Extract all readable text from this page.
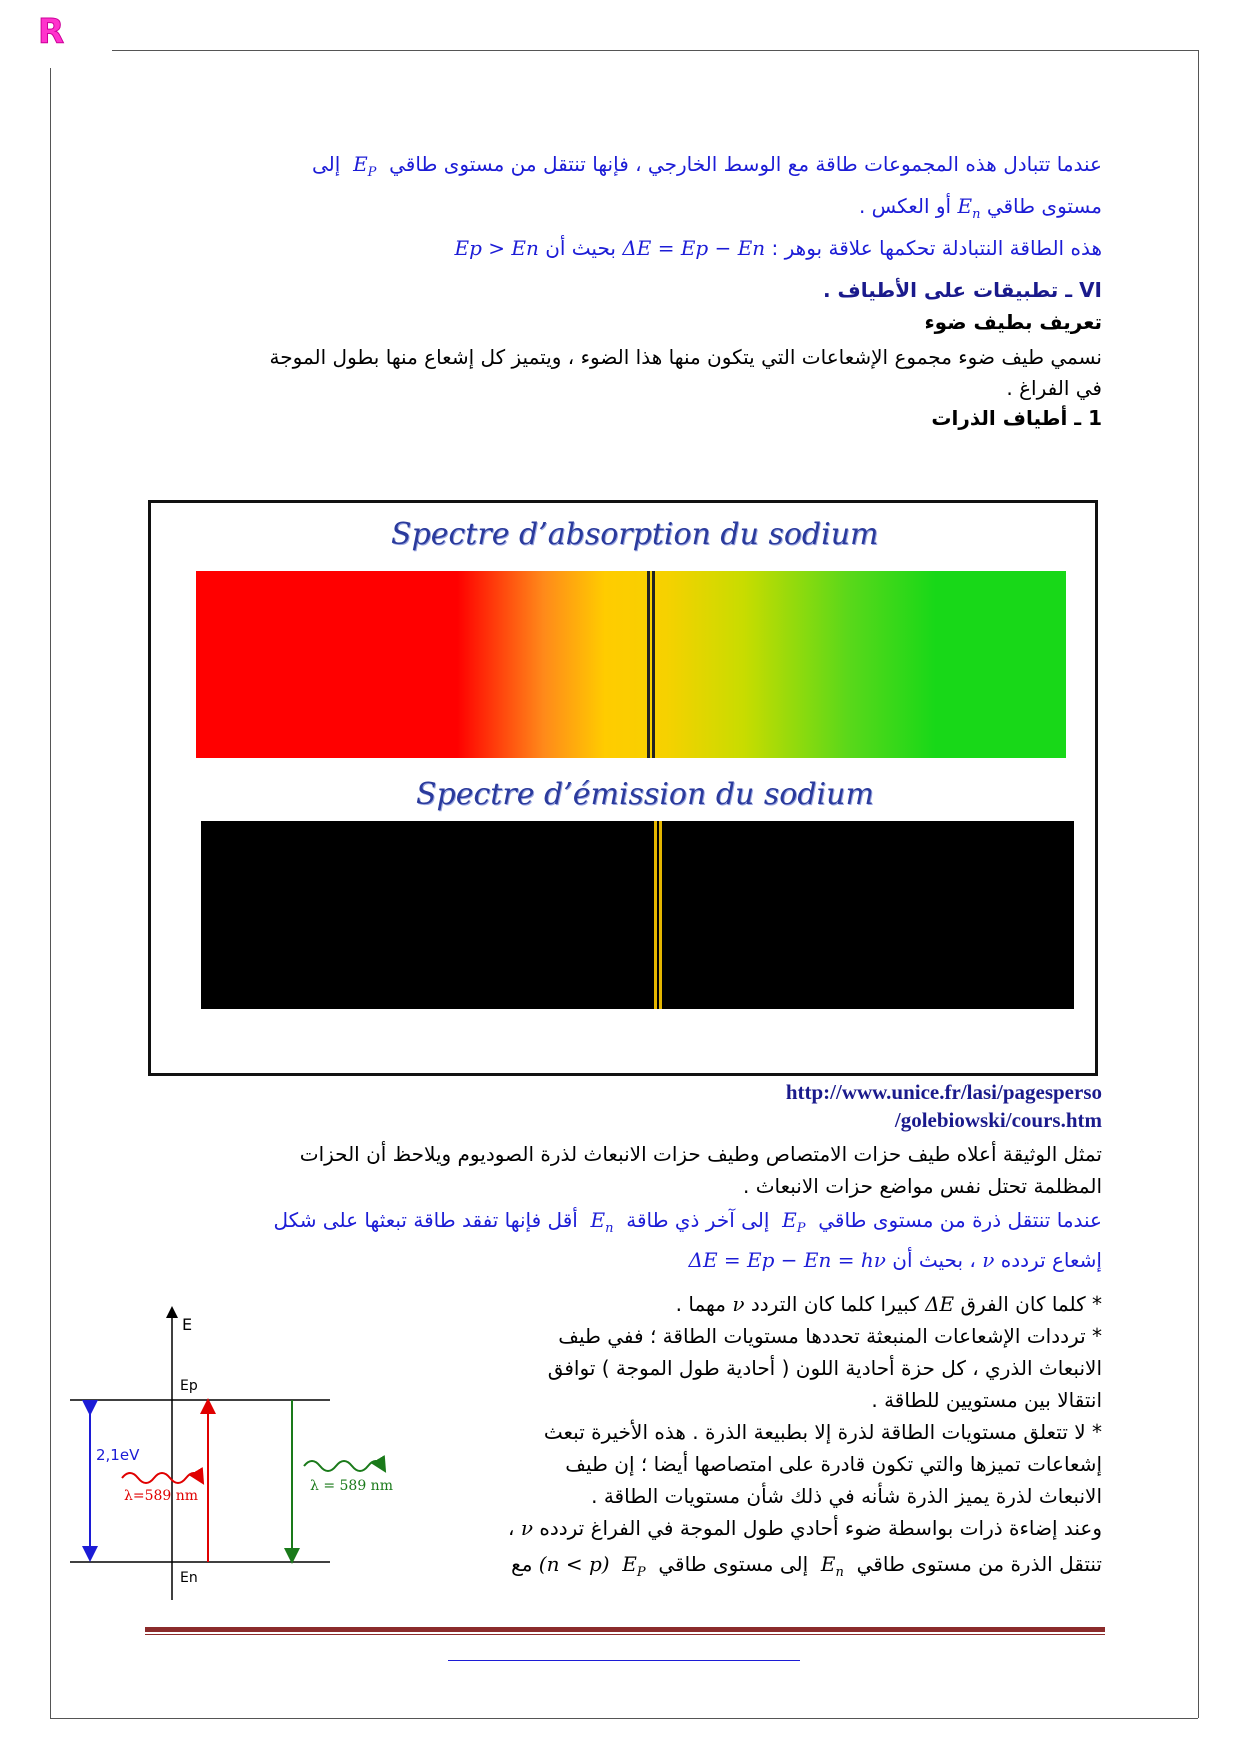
R
عندما تتبادل هذه المجموعات طاقة مع الوسط الخارجي ، فإنها تنتقل من مستوى طاقي  $E_P$  إلى
مستوى طاقي  $E_nأو$ العكس .
هذه الطاقة النتبادلة تحكمها علاقة بوهر : ΔE = Ep − En بحيث أن Ep > En
VI ـ تطبيقات على الأطياف .
تعريف بطيف ضوء
نسمي طيف ضوء مجموع الإشعاعات التي يتكون منها هذا الضوء ، ويتميز كل إشعاع منها بطول الموجة
في الفراغ .
1 ـ أطياف الذرات
Spectre d’absorption du sodium
Spectre d’émission du sodium
http://www.unice.fr/lasi/pagesperso
/golebiowski/cours.htm
تمثل الوثيقة أعلاه طيف حزات الامتصاص وطيف حزات الانبعاث لذرة الصوديوم ويلاحظ أن الحزات
المظلمة تحتل نفس مواضع حزات الانبعاث .
عندما تنتقل ذرة من مستوى طاقي  $E_P$  إلى آخر ذي طاقة  $E_n$  أقل فإنها تفقد طاقة تبعثها على شكل
إشعاع تردده ν ، بحيث أن ΔE = Ep − En = hν
* كلما كان الفرق ΔE كبيرا كلما كان التردد ν مهما .
* ترددات الإشعاعات المنبعثة تحددها مستويات الطاقة ؛ ففي طيف
الانبعاث الذري ، كل حزة أحادية اللون ( أحادية طول الموجة ) توافق
انتقالا بين مستويين للطاقة .
* لا تتعلق مستويات الطاقة لذرة إلا بطبيعة الذرة . هذه الأخيرة تبعث
إشعاعات تميزها والتي تكون قادرة على امتصاصها أيضا ؛ إن طيف
الانبعاث لذرة يميز الذرة شأنه في ذلك شأن مستويات الطاقة .
وعند إضاءة ذرات بواسطة ضوء أحادي طول الموجة في الفراغ تردده ν ،
تنتقل الذرة من مستوى طاقي  $E_n$  إلى مستوى طاقي  $E_P$  (n < p) مع
E
Ep
En
2,1eV
λ=589 nm
λ = 589 nm
